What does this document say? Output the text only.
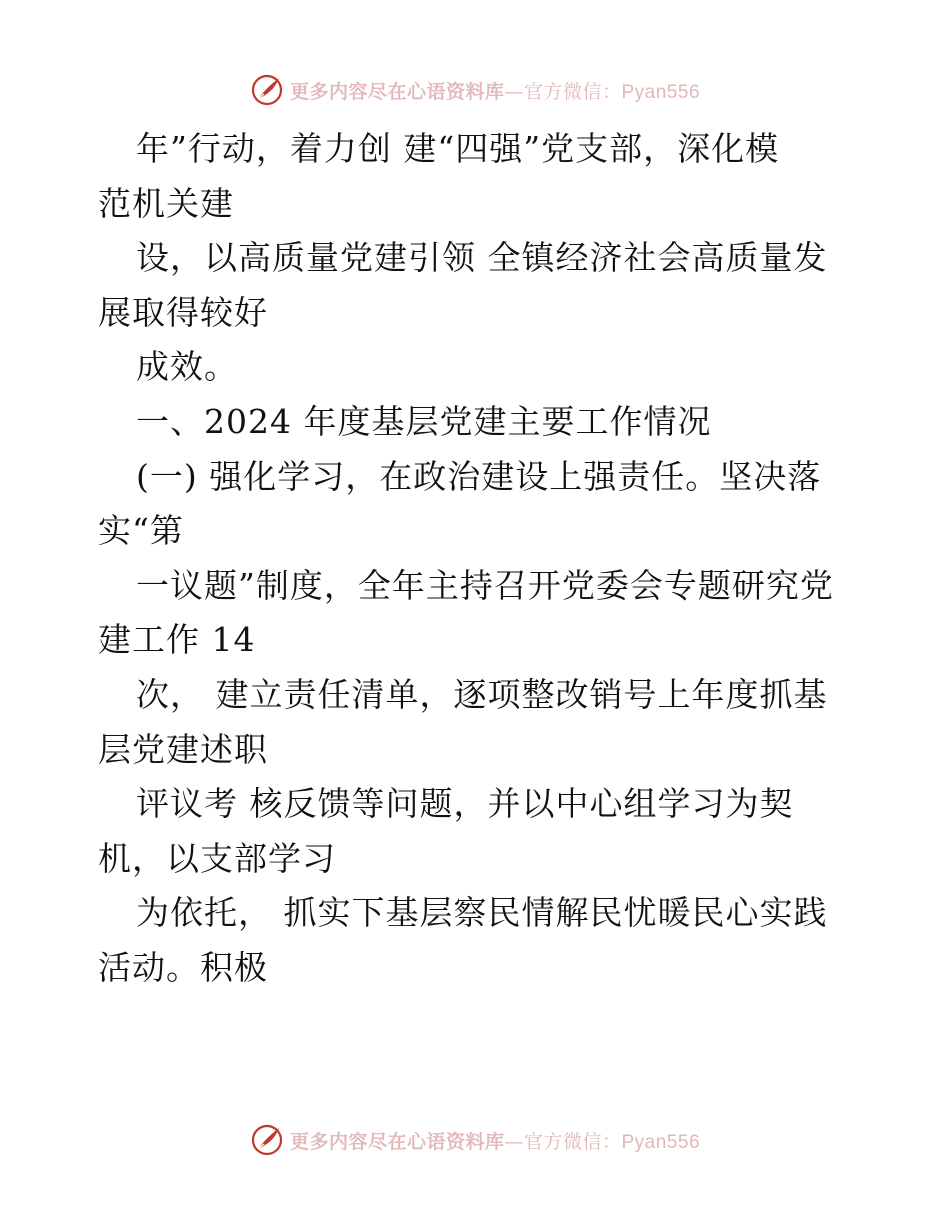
更多内容尽在心语资料库—官方微信：Pyan556
年”行动，着力创 建“四强”党支部，深化模
范机关建
设，以高质量党建引领 全镇经济社会高质量发
展取得较好
成效。
一、2024 年度基层党建主要工作情况
(一) 强化学习，在政治建设上强责任。坚决落
实“第
一议题”制度，全年主持召开党委会专题研究党
建工作 14
次， 建立责任清单，逐项整改销号上年度抓基
层党建述职
评议考 核反馈等问题，并以中心组学习为契
机，以支部学习
为依托， 抓实下基层察民情解民忧暖民心实践
活动。积极
更多内容尽在心语资料库—官方微信：Pyan556
